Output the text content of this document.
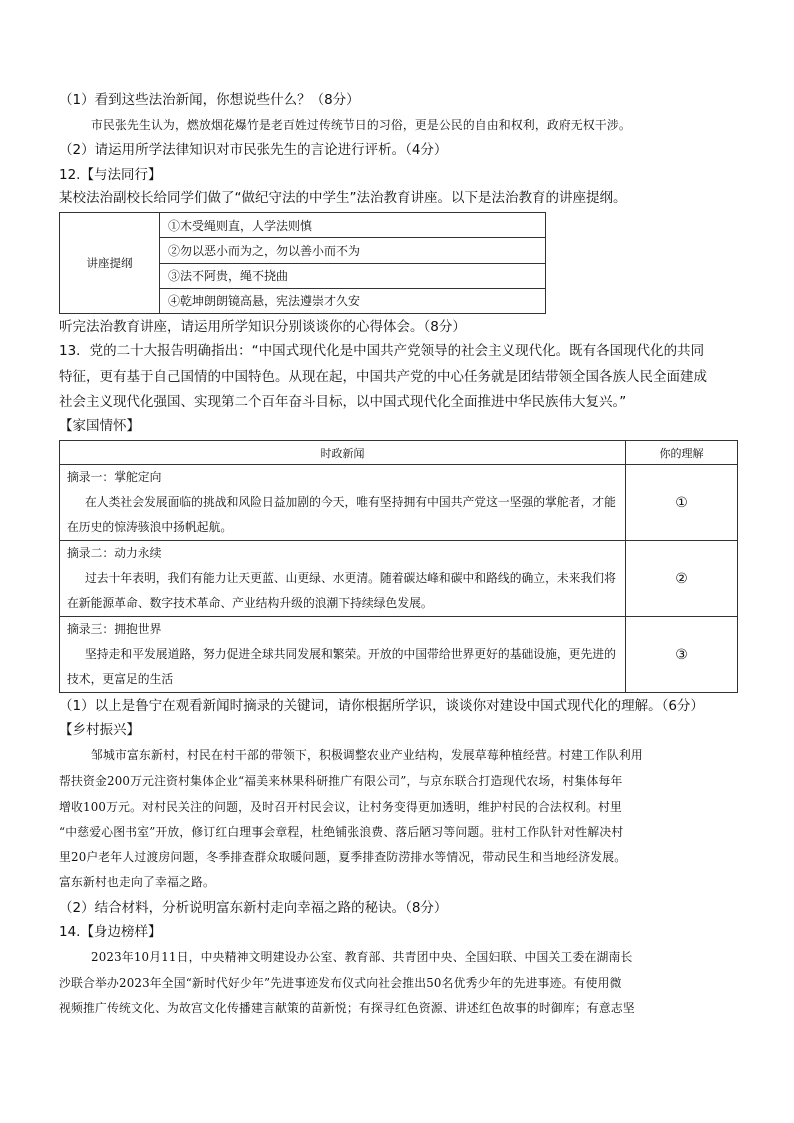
（1）看到这些法治新闻，你想说些什么？（8分）
市民张先生认为，燃放烟花爆竹是老百姓过传统节日的习俗，更是公民的自由和权利，政府无权干涉。
（2）请运用所学法律知识对市民张先生的言论进行评析。（4分）
12.【与法同行】
某校法治副校长给同学们做了“做纪守法的中学生”法治教育讲座。以下是法治教育的讲座提纲。
讲座提纲	①木受绳则直，人学法则慎
②勿以恶小而为之，勿以善小而不为
③法不阿贵，绳不挠曲
④乾坤朗朗镜高悬，宪法遵崇才久安
听完法治教育讲座，请运用所学知识分别谈谈你的心得体会。（8分）
13．党的二十大报告明确指出：“中国式现代化是中国共产党领导的社会主义现代化。既有各国现代化的共同
特征，更有基于自己国情的中国特色。从现在起，中国共产党的中心任务就是团结带领全国各族人民全面建成
社会主义现代化强国、实现第二个百年奋斗目标，以中国式现代化全面推进中华民族伟大复兴。”
【家国情怀】
时政新闻	你的理解

摘录一：掌舵定向
在人类社会发展面临的挑战和风险日益加剧的今天，唯有坚持拥有中国共产党这一坚强的掌舵者，才能在历史的惊涛骇浪中扬帆起航。	①

摘录二：动力永续
过去十年表明，我们有能力让天更蓝、山更绿、水更清。随着碳达峰和碳中和路线的确立，未来我们将在新能源革命、数字技术革命、产业结构升级的浪潮下持续绿色发展。	②

摘录三：拥抱世界
坚持走和平发展道路，努力促进全球共同发展和繁荣。开放的中国带给世界更好的基础设施，更先进的技术，更富足的生活	③
（1）以上是鲁宁在观看新闻时摘录的关键词，请你根据所学识，谈谈你对建设中国式现代化的理解。（6分）
【乡村振兴】
邹城市富东新村，村民在村干部的带领下，积极调整农业产业结构，发展草莓种植经营。村建工作队利用
帮扶资金200万元注资村集体企业“福美来林果科研推广有限公司”，与京东联合打造现代农场，村集体每年
增收100万元。对村民关注的问题，及时召开村民会议，让村务变得更加透明，维护村民的合法权利。村里
“中慈爱心图书室”开放，修订红白理事会章程，杜绝铺张浪费、落后陋习等问题。驻村工作队针对性解决村
里20户老年人过渡房问题，冬季排查群众取暖问题，夏季排查防涝排水等情况，带动民生和当地经济发展。
富东新村也走向了幸福之路。
（2）结合材料，分析说明富东新村走向幸福之路的秘诀。（8分）
14.【身边榜样】
2023年10月11日，中央精神文明建设办公室、教育部、共青团中央、全国妇联、中国关工委在湖南长
沙联合举办2023年全国“新时代好少年”先进事迹发布仪式向社会推出50名优秀少年的先进事迹。有使用微
视频推广传统文化、为故宫文化传播建言献策的苗新悦；有探寻红色资源、讲述红色故事的时御库；有意志坚
